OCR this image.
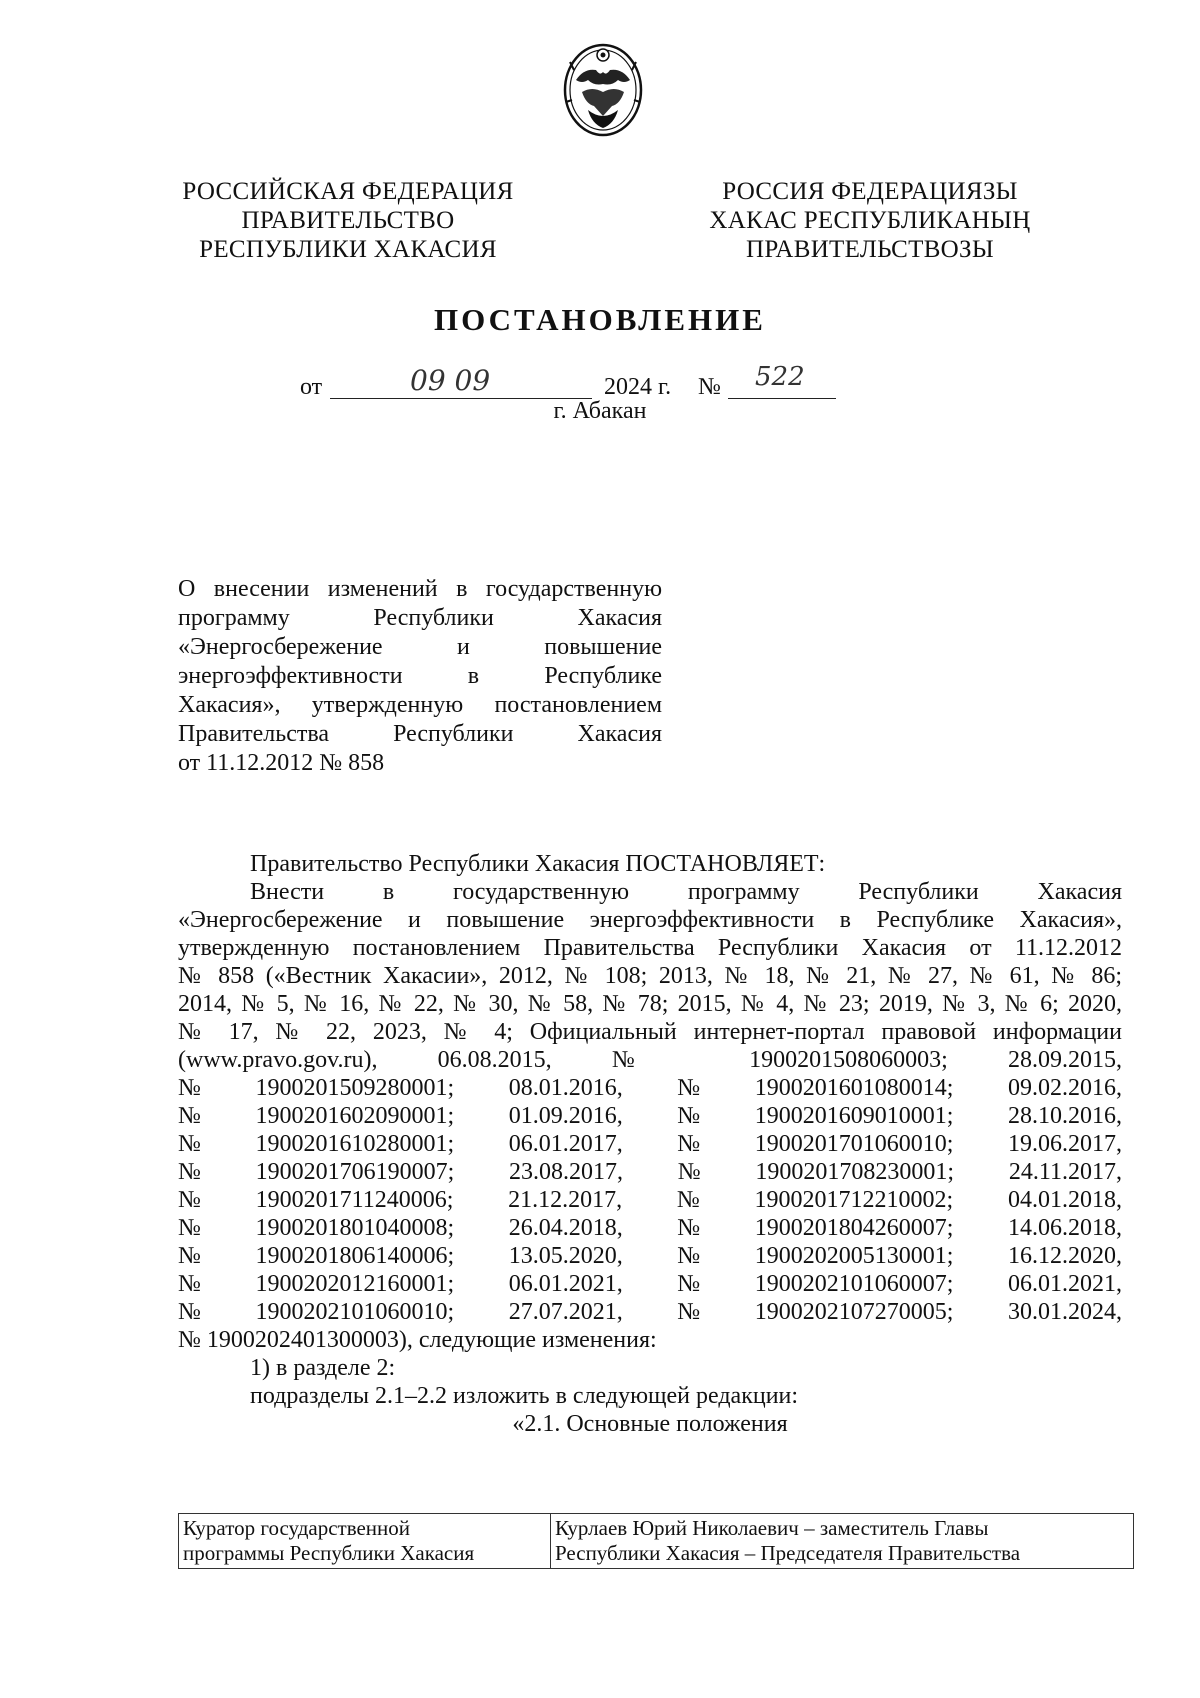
РОССИЙСКАЯ ФЕДЕРАЦИЯ
ПРАВИТЕЛЬСТВО
РЕСПУБЛИКИ ХАКАСИЯ
РОССИЯ ФЕДЕРАЦИЯЗЫ
ХАКАС РЕСПУБЛИКАНЫҢ
ПРАВИТЕЛЬСТВОЗЫ
ПОСТАНОВЛЕНИЕ
от	09 09	2024 г. № 522
г. Абакан
О внесении изменений в государственную
программу Республики Хакасия
«Энергосбережение и повышение
энергоэффективности в Республике
Хакасия», утвержденную постановлением
Правительства Республики Хакасия
от 11.12.2012 № 858
Правительство Республики Хакасия ПОСТАНОВЛЯЕТ:
Внести в государственную программу Республики Хакасия
«Энергосбережение и повышение энергоэффективности в Республике Хакасия»,
утвержденную постановлением Правительства Республики Хакасия от 11.12.2012
№ 858 («Вестник Хакасии», 2012, № 108; 2013, № 18, № 21, № 27, № 61, № 86;
2014, № 5, № 16, № 22, № 30, № 58, № 78; 2015, № 4, № 23; 2019, № 3, № 6; 2020,
№ 17, № 22, 2023, № 4; Официальный интернет-портал правовой информации
(www.pravo.gov.ru), 06.08.2015, № 1900201508060003; 28.09.2015,
№ 1900201509280001; 08.01.2016, № 1900201601080014; 09.02.2016,
№ 1900201602090001; 01.09.2016, № 1900201609010001; 28.10.2016,
№ 1900201610280001; 06.01.2017, № 1900201701060010; 19.06.2017,
№ 1900201706190007; 23.08.2017, № 1900201708230001; 24.11.2017,
№ 1900201711240006; 21.12.2017, № 1900201712210002; 04.01.2018,
№ 1900201801040008; 26.04.2018, № 1900201804260007; 14.06.2018,
№ 1900201806140006; 13.05.2020, № 1900202005130001; 16.12.2020,
№ 1900202012160001; 06.01.2021, № 1900202101060007; 06.01.2021,
№ 1900202101060010; 27.07.2021, № 1900202107270005; 30.01.2024,
№ 1900202401300003), следующие изменения:
1) в разделе 2:
подразделы 2.1–2.2 изложить в следующей редакции:
«2.1. Основные положения
Куратор государственной
программы Республики Хакасия

Курлаев Юрий Николаевич – заместитель Главы
Республики Хакасия – Председателя Правительства
